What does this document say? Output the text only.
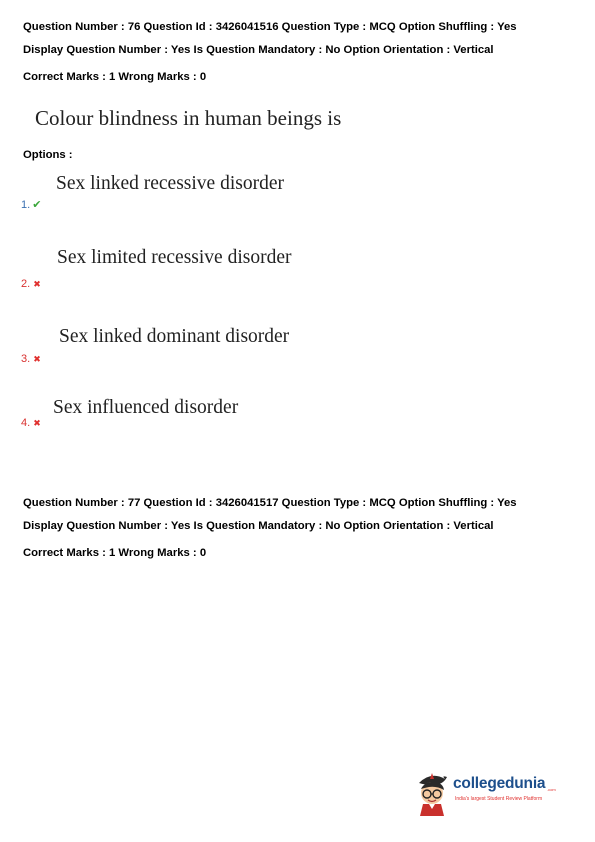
Question Number : 76 Question Id : 3426041516 Question Type : MCQ Option Shuffling : Yes
Display Question Number : Yes Is Question Mandatory : No Option Orientation : Vertical
Correct Marks : 1 Wrong Marks : 0
Colour blindness in human beings is
Options :
Sex linked recessive disorder
1. ✔
Sex limited recessive disorder
2. ✖
Sex linked dominant disorder
3. ✖
Sex influenced disorder
4. ✖
Question Number : 77 Question Id : 3426041517 Question Type : MCQ Option Shuffling : Yes
Display Question Number : Yes Is Question Mandatory : No Option Orientation : Vertical
Correct Marks : 1 Wrong Marks : 0
collegedunia .com
India's largest Student Review Platform
